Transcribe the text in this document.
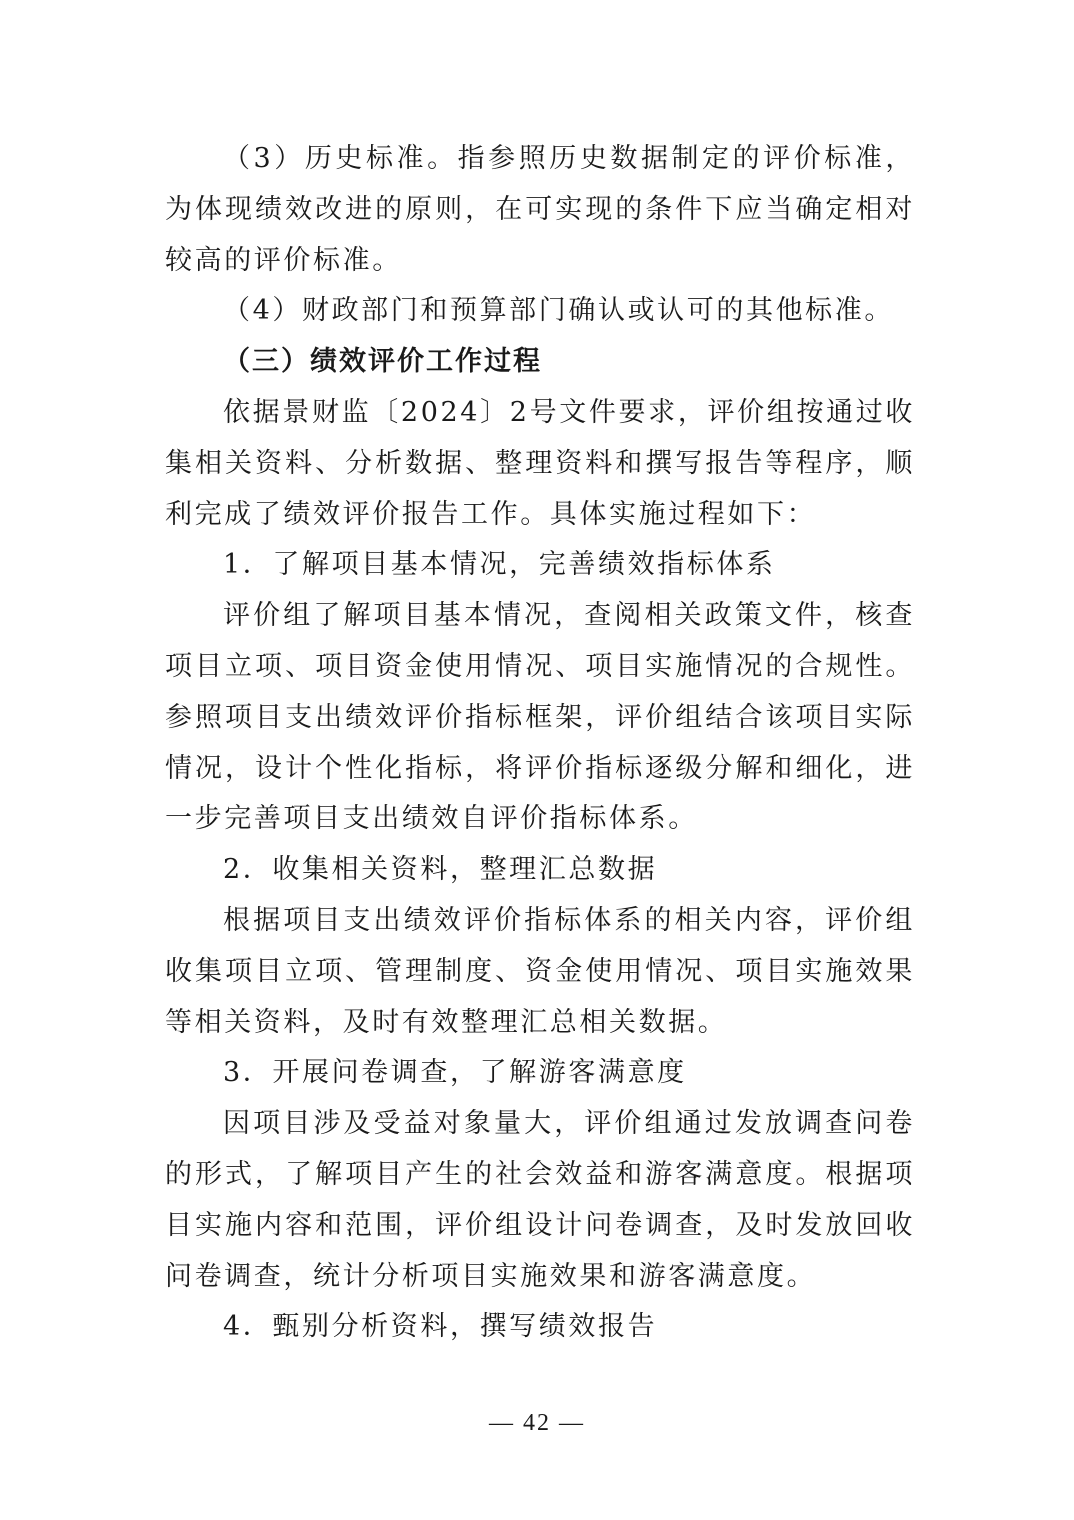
（3）历史标准。指参照历史数据制定的评价标准，为体现绩效改进的原则，在可实现的条件下应当确定相对较高的评价标准。

（4）财政部门和预算部门确认或认可的其他标准。

（三）绩效评价工作过程

依据景财监〔2024〕2号文件要求，评价组按通过收集相关资料、分析数据、整理资料和撰写报告等程序，顺利完成了绩效评价报告工作。具体实施过程如下：

1．了解项目基本情况，完善绩效指标体系

评价组了解项目基本情况，查阅相关政策文件，核查项目立项、项目资金使用情况、项目实施情况的合规性。参照项目支出绩效评价指标框架，评价组结合该项目实际情况，设计个性化指标，将评价指标逐级分解和细化，进一步完善项目支出绩效自评价指标体系。

2．收集相关资料，整理汇总数据

根据项目支出绩效评价指标体系的相关内容，评价组收集项目立项、管理制度、资金使用情况、项目实施效果等相关资料，及时有效整理汇总相关数据。

3．开展问卷调查，了解游客满意度

因项目涉及受益对象量大，评价组通过发放调查问卷的形式，了解项目产生的社会效益和游客满意度。根据项目实施内容和范围，评价组设计问卷调查，及时发放回收问卷调查，统计分析项目实施效果和游客满意度。

4．甄别分析资料，撰写绩效报告

— 42 —
